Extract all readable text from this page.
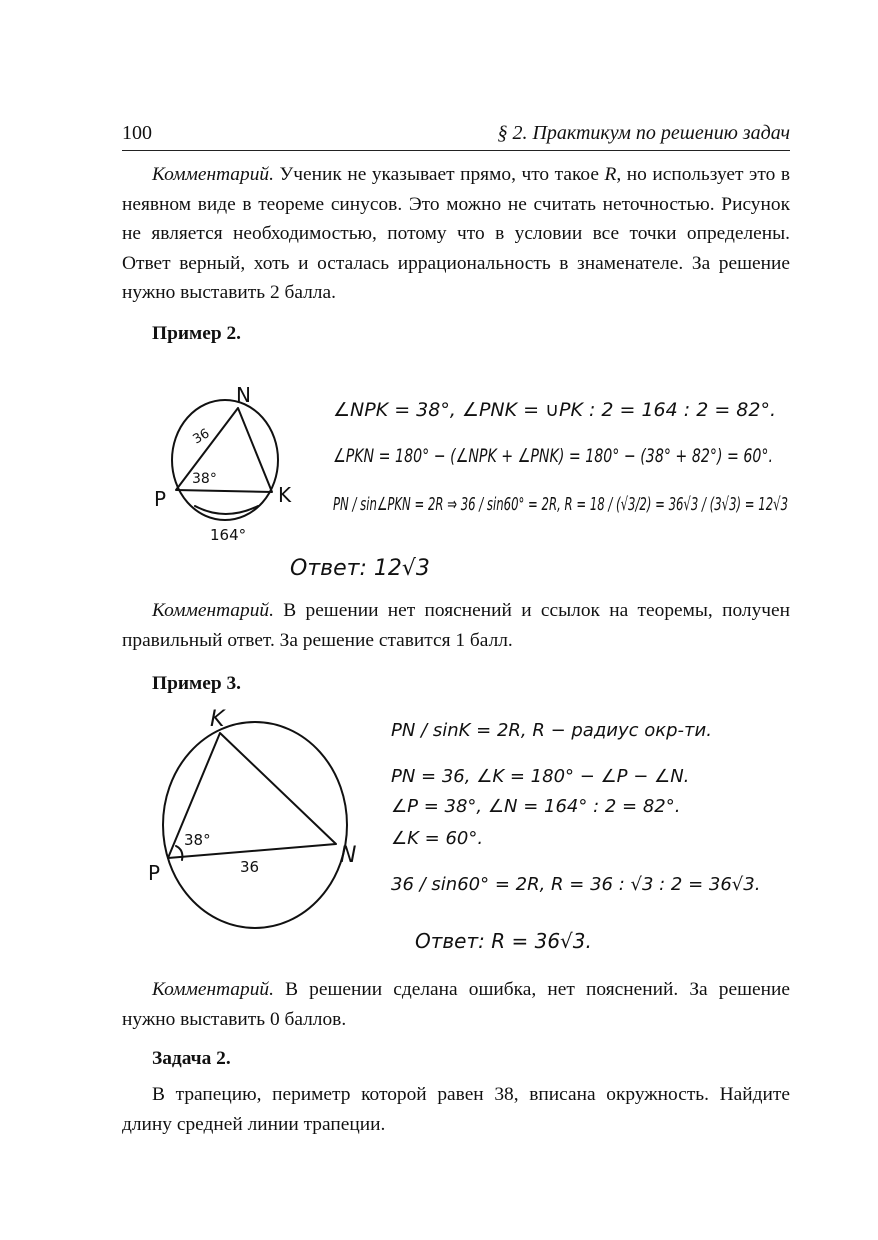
100	§ 2. Практикум по решению задач

Комментарий. Ученик не указывает прямо, что такое R, но использует это в неявном виде в теореме синусов. Это можно не считать неточностью. Рисунок не является необходимостью, потому что в условии все точки определены. Ответ верный, хоть и осталась иррациональность в знаменателе. За решение нужно выставить 2 балла.

Пример 2.

N
P	K
36
38°
164°
∠NPK = 38°, ∠PNK = ∪PK : 2 = 164 : 2 = 82°.
∠PKN = 180° − (∠NPK + ∠PNK) = 180° − (38° + 82°) = 60°.
PN / sin∠PKN = 2R ⇒ 36 / sin60° = 2R, R = 18 / (√3/2) = 36√3 / (3√3) = 12√3
Ответ: 12√3

Комментарий. В решении нет пояснений и ссылок на теоремы, получен правильный ответ. За решение ставится 1 балл.

Пример 3.

K
P
N
38°
36
PN / sinK = 2R, R − радиус окр-ти.
PN = 36, ∠K = 180° − ∠P − ∠N.
∠P = 38°, ∠N = 164° : 2 = 82°.
∠K = 60°.
36 / sin60° = 2R, R = 36 : √3 : 2 = 36√3.
Ответ: R = 36√3.

Комментарий. В решении сделана ошибка, нет пояснений. За решение нужно выставить 0 баллов.

Задача 2.

В трапецию, периметр которой равен 38, вписана окружность. Найдите длину средней линии трапеции.
